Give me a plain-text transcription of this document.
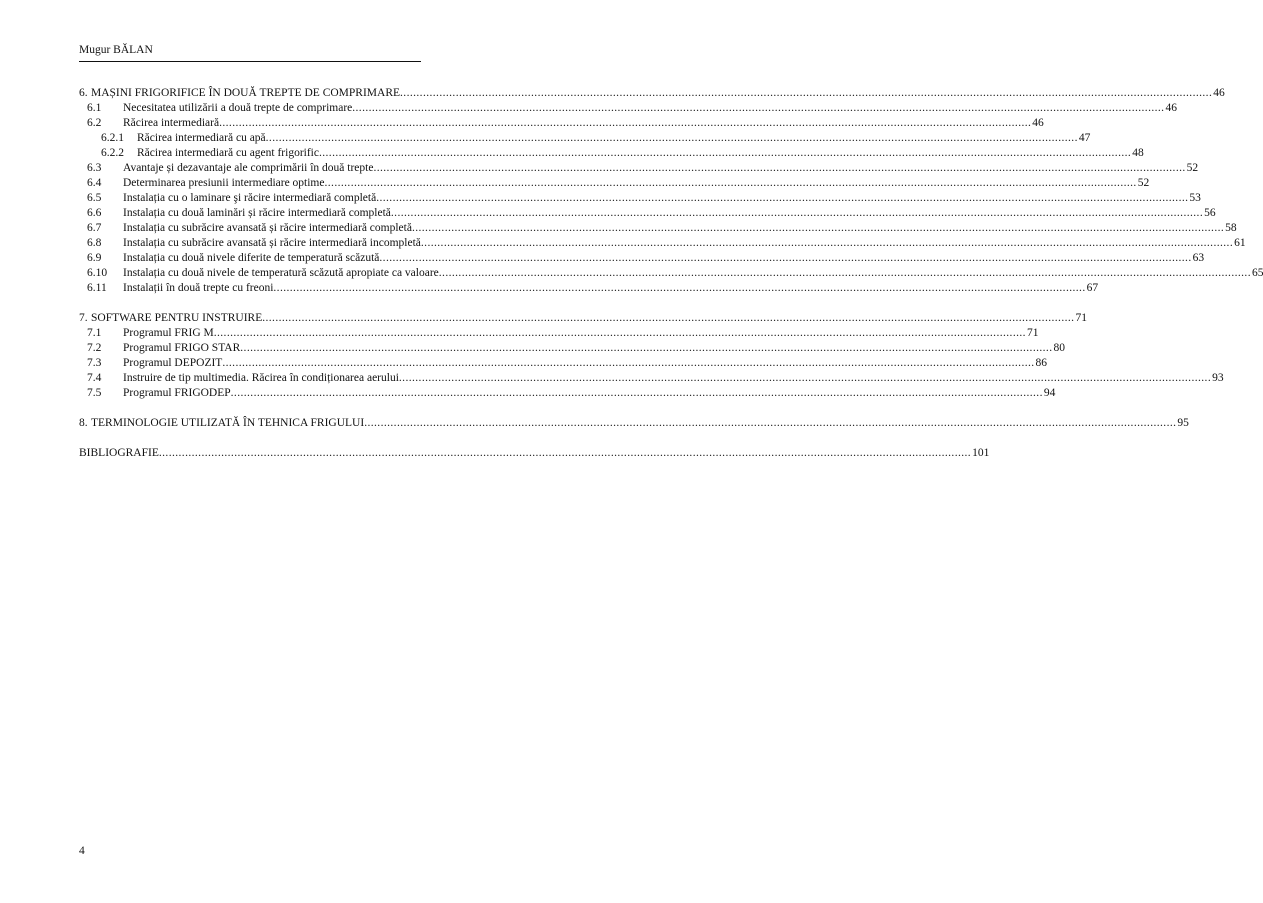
Mugur BĂLAN
6. MAȘINI FRIGORIFICE ÎN DOUĂ TREPTE DE COMPRIMARE .....	46
6.1	Necesitatea utilizării a două trepte de comprimare .....	46
6.2	Răcirea intermediară .....	46
6.2.1	Răcirea intermediară cu apă .....	47
6.2.2	Răcirea intermediară cu agent frigorific .....	48
6.3	Avantaje și dezavantaje ale comprimării în două trepte .....	52
6.4	Determinarea presiunii intermediare optime .....	52
6.5	Instalația cu o laminare şi răcire intermediară completă .....	53
6.6	Instalația cu două laminări și răcire intermediară completă .....	56
6.7	Instalația cu subrăcire avansată și răcire intermediară completă .....	58
6.8	Instalația cu subrăcire avansată și răcire intermediară incompletă .....	61
6.9	Instalația cu două nivele diferite de temperatură scăzută .....	63
6.10	Instalația cu două nivele de temperatură scăzută apropiate ca valoare .....	65
6.11	Instalații în două trepte cu freoni .....	67
7. SOFTWARE PENTRU INSTRUIRE .....	71
7.1	Programul FRIG M .....	71
7.2	Programul FRIGO STAR .....	80
7.3	Programul DEPOZIT .....	86
7.4	Instruire de tip multimedia. Răcirea în condiționarea aerului .....	93
7.5	Programul FRIGODEP .....	94
8. TERMINOLOGIE UTILIZATĂ ÎN TEHNICA FRIGULUI .....	95
BIBLIOGRAFIE .....	101
4
